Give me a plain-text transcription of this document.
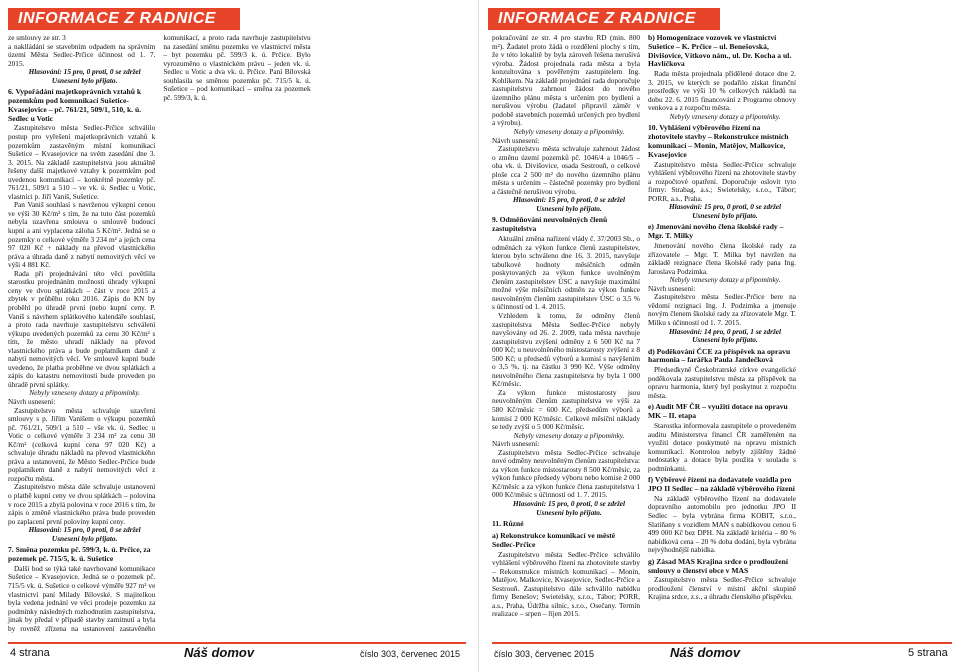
INFORMACE Z RADNICE	INFORMACE Z RADNICE

ze smlouvy ze str. 3

a naklládání se stavebním odpadem na správním území Města Sedlec-Prčice účinnost od 1. 7. 2015.

Hlasování: 15 pro, 0 proti, 0 se zdržel

Usnesení bylo přijato.

6. Vypořádání majetkoprávních vztahů k pozemkům pod komunikací Sušetice-Kvasejovice – pč. 761/21, 509/1, 510, k. ú. Sedlec u Votic

Zastupitelstvo města Sedlec-Prčice schválilo postup pro vyřešení majetkoprávních vztahů k pozemkům zastavěným místní komunikací Sušetice – Kvasejovice na svém zasedání dne 3. 3. 2015. Na základě zastupitelstva jsou aktuálně řešeny další majetkové vztahy k pozemkům pod uvedenou komunikací – konkrétně pozemky pč. 761/21, 509/1 a 510 – ve vk. ú. Sedlec u Votic, vlastníci p. Jiří Vaniš, Sušetice.

Pan Vaniš souhlasí s navrženou výkupní cenou ve výši 30 Kč/m² s tím, že na tuto část pozemků nebyla uzavřena smlouva o smlouvě budoucí kupní a ani vyplacena záloha 5 Kč/m². Jedná se o pozemky o celkové výměře 3 234 m² a jejich cena 97 020 Kč + náklady na převod vlastnického práva a úhrada daně z nabytí nemovitých věcí ve výši 4 881 Kč.

Rada při projednávání této věci povětšila starostku projednáním možnosti úhrady výkupní ceny ve dvou splátkách – část v roce 2015 a zbytek v průběhu roku 2016. Zápis do KN by proběhl po úhradě první (nebo kupní ceny. P. Vaniš s návrhem splátkového kalendáře souhlasí, a proto rada navrhuje zastupitelstvu schválení výkupu uvedených pozemků za cenu 30 Kč/m² s tím, že město uhradí náklady na převod vlastnického práva a bude poplatníkem daně z nabytí nemovitých věcí. Ve smlouvě kupní bude uvedeno, že platba proběhne ve dvou splátkách a zápis do katastru nemovitostí bude proveden po úhradě první splátky.

Nebyly vzneseny dotazy a připomínky.

Návrh usnesení:

Zastupitelstvo města schvaluje uzavření smlouvy s p. Jiřím Vanišem o výkupu pozemků pč. 761/21, 509/1 a 510 – vše vk. ú. Sedlec u Votic o celkové výměře 3 234 m² za cenu 30 Kč/m² (celková kupní cena 97 020 Kč) a schvaluje úhradu nákladů na převod vlastnického práva a ustanovení, že Město Sedlec-Prčice bude poplatníkem daně z nabytí nemovitých věcí z rozpočtu města.

Zastupitelstvo města dále schvaluje ustanovení o platbě kupní ceny ve dvou splátkách – polovina v roce 2015 a zbylá polovina v roce 2016 s tím, že zápis o změně vlastnického práva bude proveden po zaplacení první poloviny kupní ceny.

Hlasování: 15 pro, 0 proti, 0 se zdržel

Usnesení bylo přijato.

7. Směna pozemku pč. 599/3, k. ú. Prčice, za pozemek pč. 715/5, k. ú. Sušetice

Další bod se týká také navrhované komunikace Sušetice – Kvasejovice. Jedná se o pozemek pč. 715/5 vk. ú. Sušetice o celkové výměře 927 m² ve vlastnictví paní Milady Bílovské. S majitelkou byla vedena jednání ve věci prodeje pozemku za podmínky následných rozhodnutím zastupitelstva, jinak by předal v případě stavby zamítnutí a byla by rovněž zřízena na ustanovení zastavěného komunikací, a proto rada navrhuje zastupitelstvu na zasedání směnu pozemku ve vlastnictví města – byt pozemku pč. 599/3 k. ú. Prčice. Bylo vyrozuměno o vlastnickém právu – jeden vk. ú. Sedlec u Votic a dva vk. ú. Prčice. Paní Bílovská souhlasila se směnou pozemku pč. 715/5 k. ú. Sušetice – pod komunikací – směna za pozemek pč. 599/3, k. ú.

pokračování ze str. 4 pro stavbu RD (min. 800 m²). Žadatel proto žádá o rozdělení plochy s tím, že v této lokalitě by byla zároveň řešena nerušivá výroba. Žádost projednala rada města a byla konzultována s pověřeným zastupitelem Ing. Kohlíkem. Na základě projednání rada doporučuje zastupitelstvu zahrnout žádost do nového územního plánu města s určením pro bydlení a nerušivou výrobu (žadatel připravil záměr v podobě stavebních pozemků určených pro bydlení a výrobu).

Nebyly vzneseny dotazy a připomínky.

Návrh usnesení:

Zastupitelstvo města schvaluje zahrnout žádost o změnu území pozemků pč. 1046/4 a 1046/5 – oba vk. ú. Divišovice, osada Sestrouň, o celkové ploše cca 2 500 m² do nového územního plánu města s určením – částečně pozemky pro bydlení a částečně nerušivou výrobu.

Hlasování: 15 pro, 0 proti, 0 se zdržel

Usnesení bylo přijato.

9. Odměňování neuvolněných členů zastupitelstva

Aktuální změna nařízení vlády č. 37/2003 Sb., o odměnách za výkon funkce členů zastupitelstev, kterou bylo schváleno dne 16. 3. 2015, navyšuje tabulkové hodnoty měsíčních odměn poskytovaných za výkon funkce uvolněným členům zastupitelstev ÚSC a navyšuje maximální možné výše měsíčních odměn za výkon funkce neuvolněným členům zastupitelstev ÚSC o 3,5 % s účinností od 1. 4. 2015.

Vzhledem k tomu, že odměny členů zastupitelstva Města Sedlec-Prčice nebyly navyšovány od 26. 2. 2009, rada města navrhuje zastupitelstvu zvýšení odměny z 6 500 Kč na 7 000 Kč; u neuvolněného místostarosty zvýšení z 8 500 Kč; u předsedů výborů a komisí s navýšením o 3,5 %, tj. na částku 3 990 Kč. Výše odměny neuvolněného člena zastupitelstva by byla 1 000 Kč/měsíc.

Za výkon funkce místostarosty jsou neuvolněným členům zastupitelstva ve výši za 580 Kč/měsíc = 600 Kč, předsedům výborů a komisí 2 000 Kč/měsíc. Celkové měsíční náklady se tedy zvýší o 5 000 Kč/měsíc.

Nebyly vzneseny dotazy a připomínky.

Návrh usnesení:

Zastupitelstvo města Sedlec-Prčice schvaluje nové odměny neuvolněným členům zastupitelstva: za výkon funkce místostarosty 8 500 Kč/měsíc, za výkon funkce předsedy výboru nebo komise 2 000 Kč/měsíc a za výkon funkce člena zastupitelstva 1 000 Kč/měsíc s účinností od 1. 7. 2015.

Hlasování: 15 pro, 0 proti, 0 se zdržel

Usnesení bylo přijato.

11. Různé
a) Rekonstrukce komunikací ve městě Sedlec-Prčice

Zastupitelstvo města Sedlec-Prčice schválilo vyhlášení výběrového řízení na zhotovitele stavby – Rekonstrukce místních komunikací – Monín, Matějov, Malkovice, Kvasejovice, Sedlec-Prčice a Sestrouň. Zastupitelstvo dále schválilo nabídku firmy Benešov; Swietelsky, s.r.o., Tábor; PORR, a.s., Praha, Údržba silnic, s.r.o., Osečany. Termín realizace – srpen – říjen 2015.

b) Homogenizace vozovek ve vlastnictví Sušetice – K. Prčice – ul. Benešovská, Divišovice, Vítkovo nám., ul. Dr. Kocha a ul. Havlíčkova

Rada města projednala přidělené dotace dne 2. 3. 2015, ve kterých se podařilo získat finanční prostředky ve výši 10 % celkových nákladů na dobu 22. 6. 2015 financování z Programu obnovy venkova a z rozpočtu města.

Nebyly vzneseny dotazy a připomínky.

10. Vyhlášení výběrového řízení na zhotovitele stavby – Rekonstrukce místních komunikací – Monín, Matějov, Malkovice, Kvasejovice

Zastupitelstvo města Sedlec-Prčice schvaluje vyhlášení výběrového řízení na zhotovitele stavby a rozpočtové opatření. Doporučuje oslovit tyto firmy: Strabag, a.s.; Swietelsky, s.r.o., Tábor; PORR, a.s., Praha.

Hlasování: 15 pro, 0 proti, 0 se zdržel

Usnesení bylo přijato.

e) Jmenování nového člena školské rady – Mgr. T. Milky

Jmenování nového člena školské rady za zřizovatele – Mgr. T. Milka byl navržen na základě rezignace člena školské rady pana Ing. Jaroslava Podzimka.

Nebyly vzneseny dotazy a připomínky.

Návrh usnesení:

Zastupitelstvo města Sedlec-Prčice bere na vědomí rezignaci Ing. J. Podzimka a jmenuje novým členem školské rady za zřizovatele Mgr. T. Milku s účinností od 1. 7. 2015.

Hlasování: 14 pro, 0 proti, 1 se zdržel

Usnesení bylo přijato.

d) Poděkování ČCE za příspěvek na opravu harmonia – farářka Paula Jandečková

Předsedkyně Českobratrské církve evangelické poděkovala zastupitelstvu města za příspěvek na opravu harmonia, který byl poskytnut z rozpočtu města.

e) Audit MF ČR – využití dotace na opravu MK – II. etapa

Starostka informovala zastupitele o provedeném auditu Ministerstva financí ČR zaměřeném na využití dotace poskytnuté na opravu místních komunikací. Kontrolou nebyly zjištěny žádné nedostatky a dotace byla použita v souladu s podmínkami.

f) Výběrové řízení na dodavatele vozidla pro JPO II Sedlec – na základě výběrového řízení

Na základě výběrového řízení na dodavatele dopravního automobilu pro jednotku JPO II Sedlec – byla vybrána firma KOBIT, s.r.o., Slatiňany s vozidlem MAN s nabídkovou cenou 6 499 000 Kč bez DPH. Na základě kritéria – 80 % nabídková cena – 20 % doba dodání, byla vybrána nejvýhodnější nabídka.

g) Zásad MAS Krajina srdce o prodloužení smlouvy o členství obce v MAS

Zastupitelstvo města Sedlec-Prčice schvaluje prodloužení členství v místní akční skupině Krajina srdce, z.s., a úhradu členského příspěvku.

4 strana	Náš domov	číslo 303, červenec 2015	číslo 303, červenec 2015	Náš domov	5 strana
